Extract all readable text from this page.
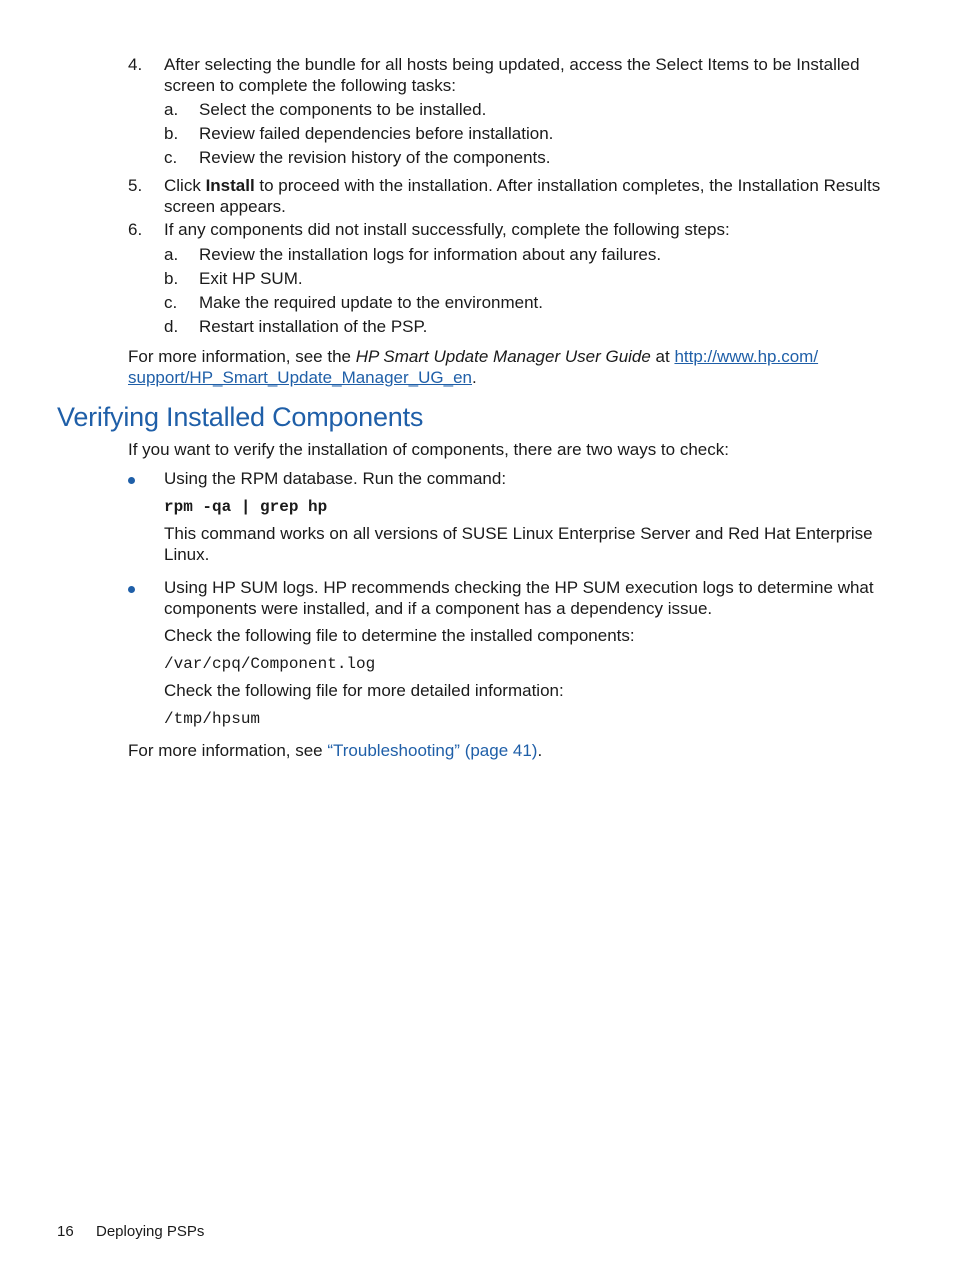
4.	After selecting the bundle for all hosts being updated, access the Select Items to be Installed
screen to complete the following tasks:
a. Select the components to be installed.
b. Review failed dependencies before installation.
c. Review the revision history of the components.
5.	Click Install to proceed with the installation. After installation completes, the Installation Results
screen appears.
6.	If any components did not install successfully, complete the following steps:
a. Review the installation logs for information about any failures.
b. Exit HP SUM.
c. Make the required update to the environment.
d. Restart installation of the PSP.
For more information, see the HP Smart Update Manager User Guide at http://www.hp.com/
support/HP_Smart_Update_Manager_UG_en.
Verifying Installed Components
If you want to verify the installation of components, there are two ways to check:
Using the RPM database. Run the command:
rpm -qa | grep hp
This command works on all versions of SUSE Linux Enterprise Server and Red Hat Enterprise
Linux.
Using HP SUM logs. HP recommends checking the HP SUM execution logs to determine what
components were installed, and if a component has a dependency issue.
Check the following file to determine the installed components:
/var/cpq/Component.log
Check the following file for more detailed information:
/tmp/hpsum
For more information, see “Troubleshooting” (page 41).
16 Deploying PSPs
